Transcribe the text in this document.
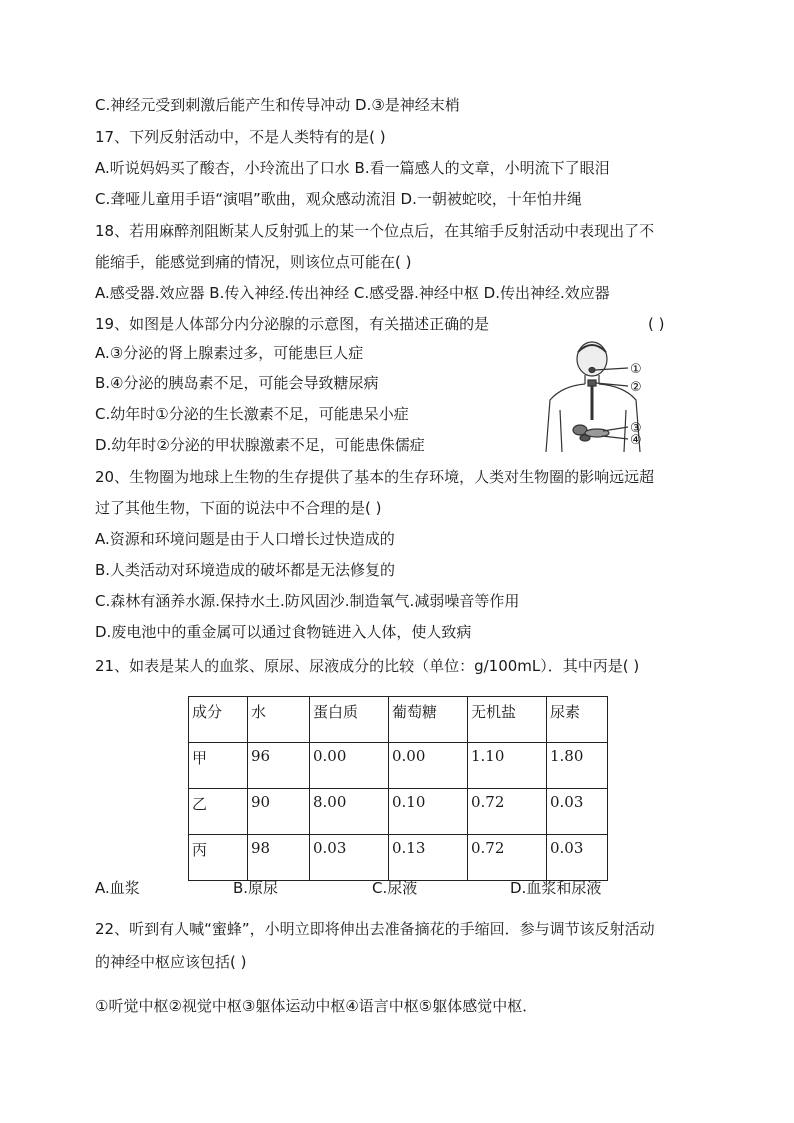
C.神经元受到刺激后能产生和传导冲动 D.③是神经末梢
17、下列反射活动中，不是人类特有的是( )
A.听说妈妈买了酸杏，小玲流出了口水 B.看一篇感人的文章，小明流下了眼泪
C.聋哑儿童用手语“演唱”歌曲，观众感动流泪 D.一朝被蛇咬，十年怕井绳
18、若用麻醉剂阻断某人反射弧上的某一个位点后，在其缩手反射活动中表现出了不
能缩手，能感觉到痛的情况，则该位点可能在( )
A.感受器.效应器 B.传入神经.传出神经 C.感受器.神经中枢 D.传出神经.效应器
19、如图是人体部分内分泌腺的示意图，有关描述正确的是	( )
A.③分泌的肾上腺素过多，可能患巨人症
B.④分泌的胰岛素不足，可能会导致糖尿病
C.幼年时①分泌的生长激素不足，可能患呆小症
D.幼年时②分泌的甲状腺激素不足，可能患侏儒症
20、生物圈为地球上生物的生存提供了基本的生存环境，人类对生物圈的影响远远超
过了其他生物，下面的说法中不合理的是( )
A.资源和环境问题是由于人口增长过快造成的
B.人类活动对环境造成的破坏都是无法修复的
C.森林有涵养水源.保持水土.防风固沙.制造氧气.减弱噪音等作用
D.废电池中的重金属可以通过食物链进入人体，使人致病
21、如表是某人的血浆、原尿、尿液成分的比较（单位：g/100mL）．其中丙是( )
①
②
③
④
成分	水	蛋白质	葡萄糖	无机盐	尿素
甲	96	0.00	0.00	1.10	1.80
乙	90	8.00	0.10	0.72	0.03
丙	98	0.03	0.13	0.72	0.03
A.血浆	B.原尿	C.尿液	D.血浆和尿液
22、听到有人喊“蜜蜂”，小明立即将伸出去准备摘花的手缩回．参与调节该反射活动
的神经中枢应该包括( )
①听觉中枢②视觉中枢③躯体运动中枢④语言中枢⑤躯体感觉中枢．
